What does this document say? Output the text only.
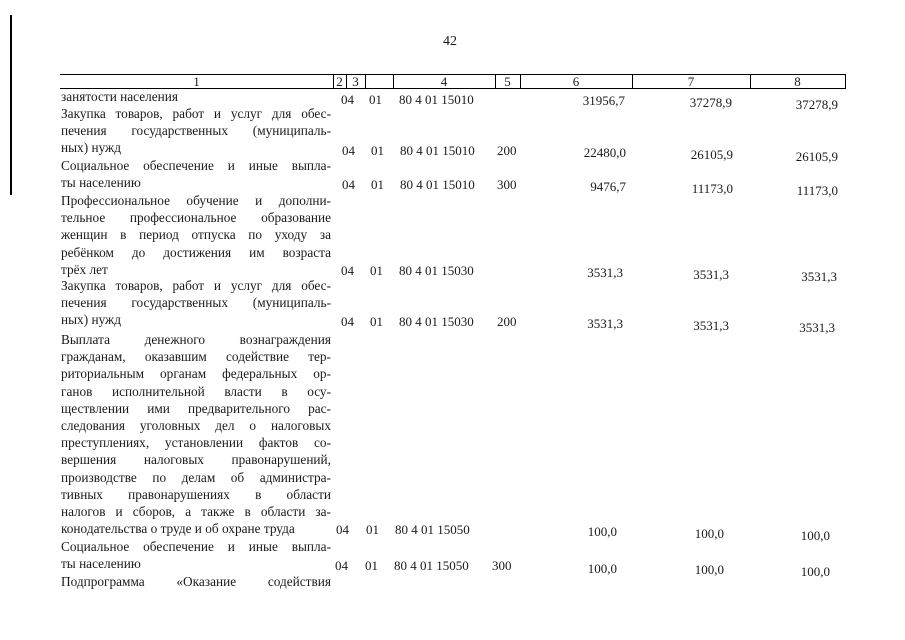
42
1	2 3	4	5	6	7	8
занятости населения	04 01 80 4 01 15010	31956,7	37278,9	37278,9
Закупка товаров, работ и услуг для обес-
печения государственных (муниципаль-
ных) нужд	04 01 80 4 01 15010 200	22480,0	26105,9	26105,9
Социальное обеспечение и иные выпла-
ты населению	04 01 80 4 01 15010 300	9476,7	11173,0	11173,0
Профессиональное обучение и дополни-
тельное профессиональное образование
женщин в период отпуска по уходу за
ребёнком до достижения им возраста
трёх лет	04 01 80 4 01 15030	3531,3	3531,3	3531,3
Закупка товаров, работ и услуг для обес-
печения государственных (муниципаль-
ных) нужд	04 01 80 4 01 15030 200	3531,3	3531,3	3531,3
Выплата денежного вознаграждения
гражданам, оказавшим содействие тер-
риториальным органам федеральных ор-
ганов исполнительной власти в осу-
ществлении ими предварительного рас-
следования уголовных дел о налоговых
преступлениях, установлении фактов со-
вершения налоговых правонарушений,
производстве по делам об администра-
тивных правонарушениях в области
налогов и сборов, а также в области за-
конодательства о труде и об охране труда	04 01 80 4 01 15050	100,0	100,0	100,0
Социальное обеспечение и иные выпла-
ты населению	04 01 80 4 01 15050 300	100,0	100,0	100,0
Подпрограмма «Оказание содействия
